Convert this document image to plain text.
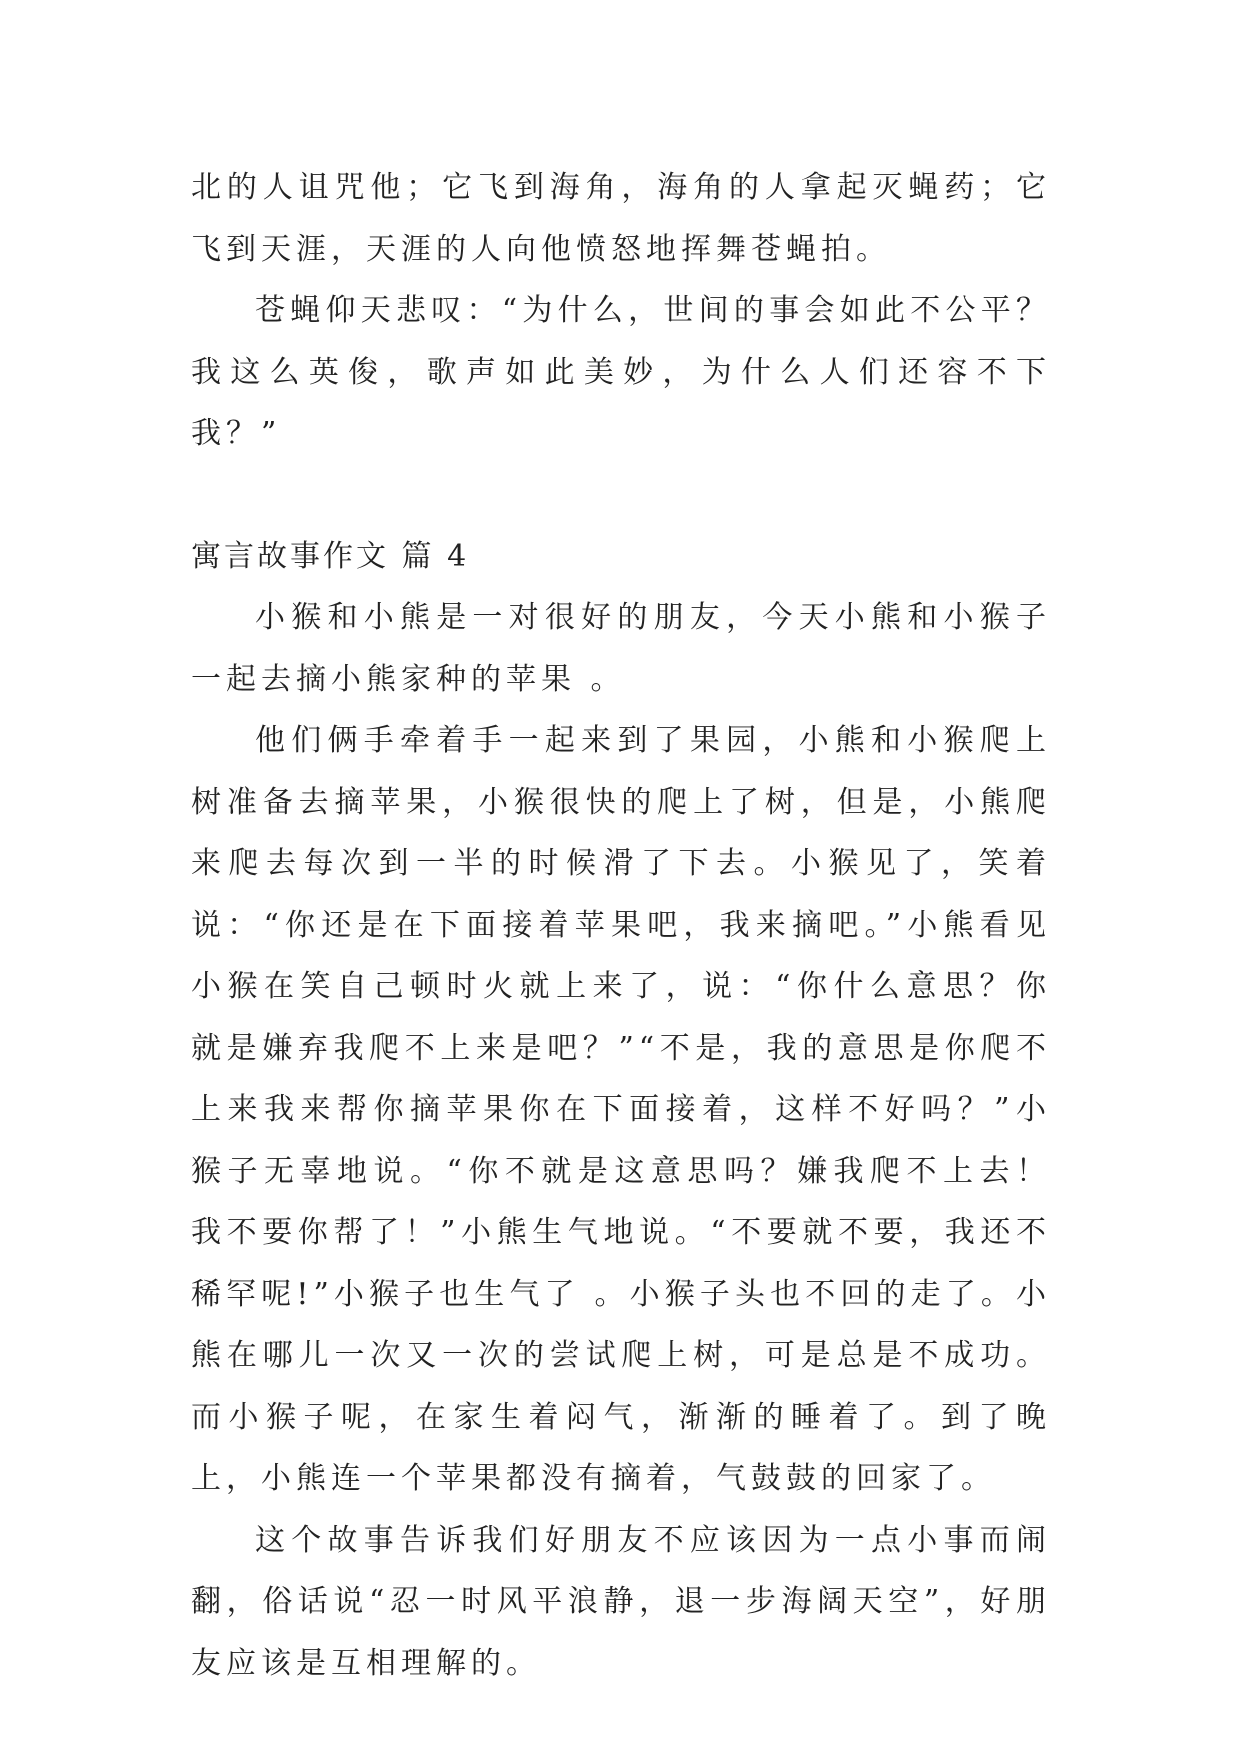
北的人诅咒他；它飞到海角，海角的人拿起灭蝇药；它飞到天涯，天涯的人向他愤怒地挥舞苍蝇拍。

苍蝇仰天悲叹：“为什么，世间的事会如此不公平？我这么英俊，歌声如此美妙，为什么人们还容不下我？”

寓言故事作文 篇 4

小猴和小熊是一对很好的朋友，今天小熊和小猴子一起去摘小熊家种的苹果 。

他们俩手牵着手一起来到了果园，小熊和小猴爬上树准备去摘苹果，小猴很快的爬上了树，但是，小熊爬来爬去每次到一半的时候滑了下去。小猴见了，笑着说：“你还是在下面接着苹果吧，我来摘吧。”小熊看见小猴在笑自己顿时火就上来了，说：“你什么意思？你就是嫌弃我爬不上来是吧？”“不是，我的意思是你爬不上来我来帮你摘苹果你在下面接着，这样不好吗？”小猴子无辜地说。“你不就是这意思吗？嫌我爬不上去！我不要你帮了！”小熊生气地说。“不要就不要，我还不稀罕呢!”小猴子也生气了 。小猴子头也不回的走了。小熊在哪儿一次又一次的尝试爬上树，可是总是不成功。而小猴子呢，在家生着闷气，渐渐的睡着了。到了晚上，小熊连一个苹果都没有摘着，气鼓鼓的回家了。

这个故事告诉我们好朋友不应该因为一点小事而闹翻，俗话说“忍一时风平浪静，退一步海阔天空”，好朋友应该是互相理解的。
